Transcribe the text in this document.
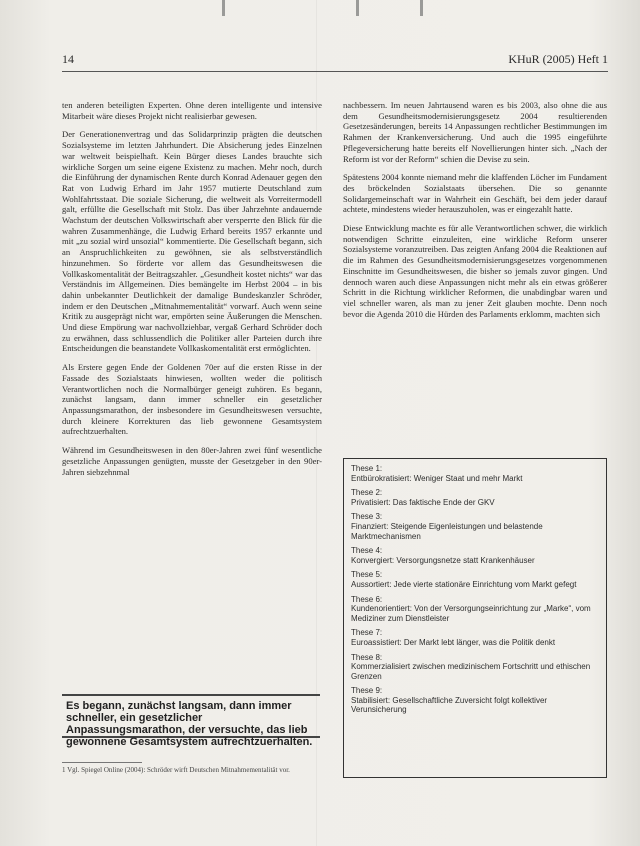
14	KHuR (2005) Heft 1

ten anderen beteiligten Experten. Ohne deren intelligente und intensive Mitarbeit wäre dieses Projekt nicht realisierbar gewesen.

Der Generationenvertrag und das Solidarprinzip prägten die deutschen Sozialsysteme im letzten Jahrhundert. Die Absicherung jedes Einzelnen war weltweit beispielhaft. Kein Bürger dieses Landes brauchte sich wirkliche Sorgen um seine eigene Existenz zu machen. Mehr noch, durch die Einführung der dynamischen Rente durch Konrad Adenauer gegen den Rat von Ludwig Erhard im Jahr 1957 mutierte Deutschland zum Wohlfahrtsstaat. Die soziale Sicherung, die weltweit als Vorreitermodell galt, erfüllte die Gesellschaft mit Stolz. Das über Jahrzehnte andauernde Wachstum der deutschen Volkswirtschaft aber versperrte den Blick für die wahren Zusammenhänge, die Ludwig Erhard bereits 1957 erkannte und mit „zu sozial wird unsozial“ kommentierte. Die Gesellschaft begann, sich an Anspruchlichkeiten zu gewöhnen, sie als selbstverständlich hinzunehmen. So förderte vor allem das Gesundheitswesen die Vollkaskomentalität der Beitragszahler. „Gesundheit kostet nichts“ war das Verständnis im Allgemeinen. Dies bemängelte im Herbst 2004 – in bis dahin unbekannter Deutlichkeit der damalige Bundeskanzler Schröder, indem er den Deutschen „Mitnahmementalität“ vorwarf. Auch wenn seine Kritik zu ausgeprägt nicht war, empörten seine Äußerungen die Menschen. Und diese Empörung war nachvollziehbar, vergaß Gerhard Schröder doch zu erwähnen, dass schlussendlich die Politiker aller Parteien durch ihre Entscheidungen die beanstandete Vollkaskomentalität erst ermöglichten.

Als Erstere gegen Ende der Goldenen 70er auf die ersten Risse in der Fassade des Sozialstaats hinwiesen, wollten weder die politisch Verantwortlichen noch die Normalbürger geneigt zuhören. Es begann, zunächst langsam, dann immer schneller ein gesetzlicher Anpassungsmarathon, der insbesondere im Gesundheitswesen versuchte, durch kleinere Korrekturen das lieb gewonnene Gesamtsystem aufrechtzuerhalten.

Während im Gesundheitswesen in den 80er-Jahren zwei fünf wesentliche gesetzliche Anpassungen genügten, musste der Gesetzgeber in den 90er-Jahren siebzehnmal

Es begann, zunächst langsam, dann immer schneller, ein gesetzlicher Anpassungsmarathon, der versuchte, das lieb gewonnene Gesamtsystem aufrechtzuerhalten.
1 Vgl. Spiegel Online (2004): Schröder wirft Deutschen Mitnahmementalität vor.

nachbessern. Im neuen Jahrtausend waren es bis 2003, also ohne die aus dem Gesundheitsmodernisierungsgesetz 2004 resultierenden Gesetzesänderungen, bereits 14 Anpassungen rechtlicher Bestimmungen im Rahmen der Krankenversicherung. Und auch die 1995 eingeführte Pflegeversicherung hatte bereits elf Novellierungen hinter sich. „Nach der Reform ist vor der Reform“ schien die Devise zu sein.

Spätestens 2004 konnte niemand mehr die klaffenden Löcher im Fundament des bröckelnden Sozialstaats übersehen. Die so genannte Solidargemeinschaft war in Wahrheit ein Geschäft, bei dem jeder darauf achtete, mindestens wieder herauszuholen, was er eingezahlt hatte.

Diese Entwicklung machte es für alle Verantwortlichen schwer, die wirklich notwendigen Schritte einzuleiten, eine wirkliche Reform unserer Sozialsysteme voranzutreiben. Das zeigten Anfang 2004 die Reaktionen auf die im Rahmen des Gesundheitsmodernisierungsgesetzes vorgenommenen Einschnitte im Gesundheitswesen, die bisher so jemals zuvor gingen. Und dennoch waren auch diese Anpassungen nicht mehr als ein etwas größerer Schritt in die Richtung wirklicher Reformen, die unabdingbar waren und viel schneller waren, als man zu jener Zeit glauben mochte. Denn noch bevor die Agenda 2010 die Hürden des Parlaments erklomm, machten sich

These 1:
Entbürokratisiert: Weniger Staat und mehr Markt
These 2:
Privatisiert: Das faktische Ende der GKV
These 3:
Finanziert: Steigende Eigenleistungen und belastende Marktmechanismen
These 4:
Konvergiert: Versorgungsnetze statt Krankenhäuser
These 5:
Aussortiert: Jede vierte stationäre Einrichtung vom Markt gefegt
These 6:
Kundenorientiert: Von der Versorgungseinrichtung zur „Marke“, vom Mediziner zum Dienstleister
These 7:
Euroassistiert: Der Markt lebt länger, was die Politik denkt
These 8:
Kommerzialisiert zwischen medizinischem Fortschritt und ethischen Grenzen
These 9:
Stabilisiert: Gesellschaftliche Zuversicht folgt kollektiver Verunsicherung
